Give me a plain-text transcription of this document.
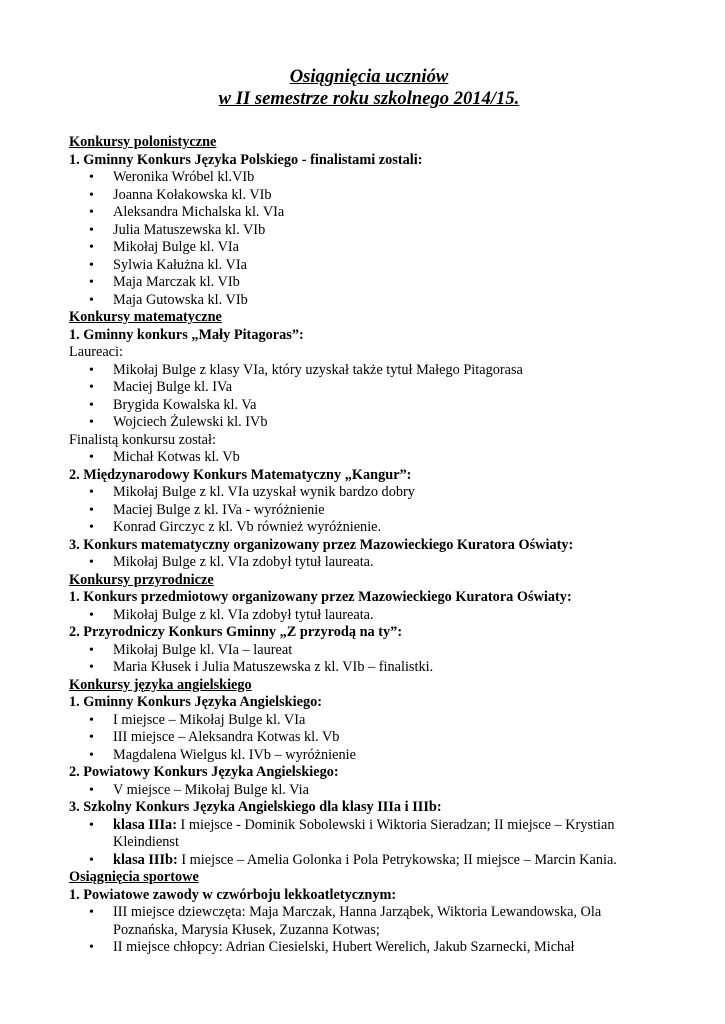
Osiągnięcia uczniów
w II semestrze roku szkolnego 2014/15.
Konkursy polonistyczne
1. Gminny Konkurs Języka Polskiego - finalistami zostali:
• Weronika Wróbel kl.VIb
• Joanna Kołakowska kl. VIb
• Aleksandra Michalska kl. VIa
• Julia Matuszewska kl. VIb
• Mikołaj Bulge kl. VIa
• Sylwia Kałużna kl. VIa
• Maja Marczak kl. VIb
• Maja Gutowska kl. VIb
Konkursy matematyczne
1. Gminny konkurs „Mały Pitagoras”:
Laureaci:
• Mikołaj Bulge z klasy VIa, który uzyskał także tytuł Małego Pitagorasa
• Maciej Bulge kl. IVa
• Brygida Kowalska kl. Va
• Wojciech Żulewski kl. IVb
Finalistą konkursu został:
• Michał Kotwas kl. Vb
2. Międzynarodowy Konkurs Matematyczny „Kangur”:
• Mikołaj Bulge z kl. VIa uzyskał wynik bardzo dobry
• Maciej Bulge z kl. IVa - wyróżnienie
• Konrad Girczyc z kl. Vb również wyróżnienie.
3. Konkurs matematyczny organizowany przez Mazowieckiego Kuratora Oświaty:
• Mikołaj Bulge z kl. VIa zdobył tytuł laureata.
Konkursy przyrodnicze
1. Konkurs przedmiotowy organizowany przez Mazowieckiego Kuratora Oświaty:
• Mikołaj Bulge z kl. VIa zdobył tytuł laureata.
2. Przyrodniczy Konkurs Gminny „Z przyrodą na ty”:
• Mikołaj Bulge kl. VIa – laureat
• Maria Kłusek i Julia Matuszewska z kl. VIb – finalistki.
Konkursy języka angielskiego
1. Gminny Konkurs Języka Angielskiego:
• I miejsce – Mikołaj Bulge kl. VIa
• III miejsce – Aleksandra Kotwas kl. Vb
• Magdalena Wielgus kl. IVb – wyróżnienie
2. Powiatowy Konkurs Języka Angielskiego:
• V miejsce – Mikołaj Bulge kl. Via
3. Szkolny Konkurs Języka Angielskiego dla klasy IIIa i IIIb:
• klasa IIIa: I miejsce - Dominik Sobolewski i Wiktoria Sieradzan; II miejsce – Krystian Kleindienst
• klasa IIIb: I miejsce – Amelia Golonka i Pola Petrykowska; II miejsce – Marcin Kania.
Osiągnięcia sportowe
1. Powiatowe zawody w czwórboju lekkoatletycznym:
• III miejsce dziewczęta: Maja Marczak, Hanna Jarząbek, Wiktoria Lewandowska, Ola Poznańska, Marysia Kłusek, Zuzanna Kotwas;
• II miejsce chłopcy: Adrian Ciesielski, Hubert Werelich, Jakub Szarnecki, Michał
